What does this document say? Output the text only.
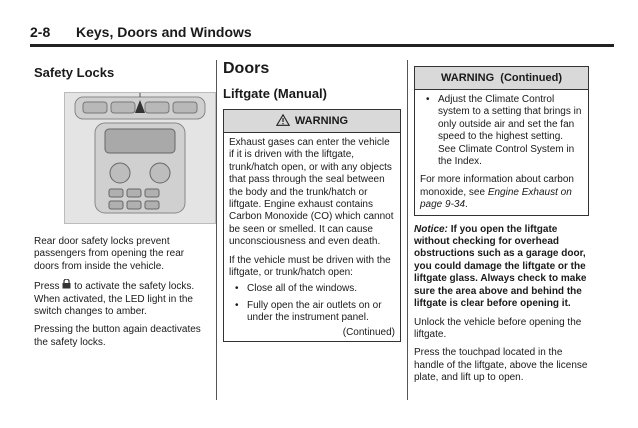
2-8 Keys, Doors and Windows
Safety Locks

Rear door safety locks prevent passengers from opening the rear doors from inside the vehicle.

Press to activate the safety locks. When activated, the LED light in the switch changes to amber.

Pressing the button again deactivates the safety locks.

Doors
Liftgate (Manual)
WARNING

Exhaust gases can enter the vehicle if it is driven with the liftgate, trunk/hatch open, or with any objects that pass through the seal between the body and the trunk/hatch or liftgate. Engine exhaust contains Carbon Monoxide (CO) which cannot be seen or smelled. It can cause unconsciousness and even death.

If the vehicle must be driven with the liftgate, or trunk/hatch open:

• Close all of the windows.

• Fully open the air outlets on or under the instrument panel.

(Continued)
WARNING  (Continued)
• Adjust the Climate Control system to a setting that brings in only outside air and set the fan speed to the highest setting. See Climate Control System in the Index.

For more information about carbon monoxide, see Engine Exhaust on page 9-34.

Notice: If you open the liftgate without checking for overhead obstructions such as a garage door, you could damage the liftgate or the liftgate glass. Always check to make sure the area above and behind the liftgate is clear before opening it.

Unlock the vehicle before opening the liftgate.

Press the touchpad located in the handle of the liftgate, above the license plate, and lift up to open.
